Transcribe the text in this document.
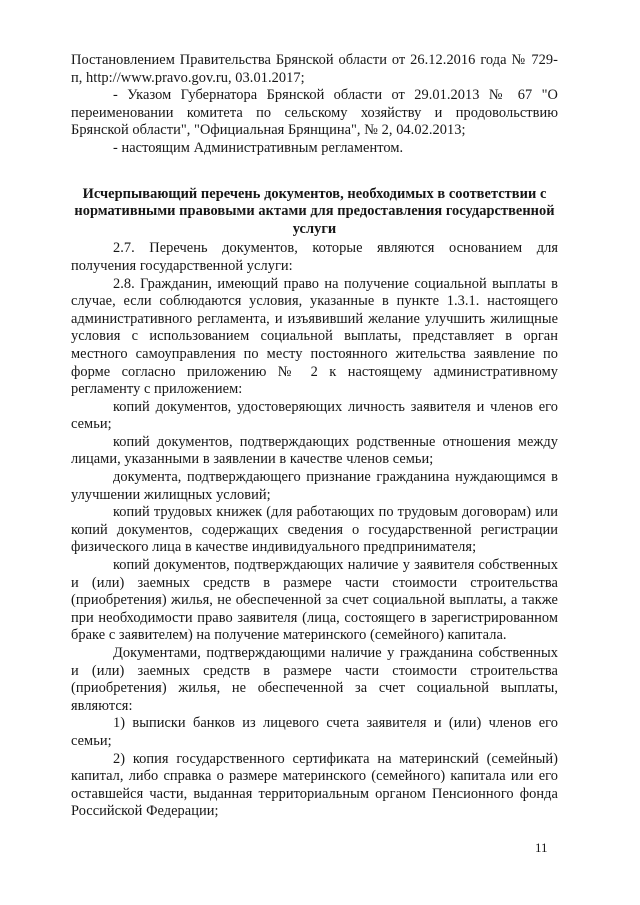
Постановлением Правительства Брянской области от 26.12.2016 года № 729-п, http://www.pravo.gov.ru, 03.01.2017;

- Указом Губернатора Брянской области от 29.01.2013 № 67 "О переименовании комитета по сельскому хозяйству и продовольствию Брянской области", "Официальная Брянщина", № 2, 04.02.2013;

- настоящим Административным регламентом.

Исчерпывающий перечень документов, необходимых в соответствии с нормативными правовыми актами для предоставления государственной услуги

2.7. Перечень документов, которые являются основанием для получения государственной услуги:

2.8. Гражданин, имеющий право на получение социальной выплаты в случае, если соблюдаются условия, указанные в пункте 1.3.1. настоящего административного регламента, и изъявивший желание улучшить жилищные условия с использованием социальной выплаты, представляет в орган местного самоуправления по месту постоянного жительства заявление по форме согласно приложению № 2 к настоящему административному регламенту с приложением:

копий документов, удостоверяющих личность заявителя и членов его семьи;

копий документов, подтверждающих родственные отношения между лицами, указанными в заявлении в качестве членов семьи;

документа, подтверждающего признание гражданина нуждающимся в улучшении жилищных условий;

копий трудовых книжек (для работающих по трудовым договорам) или копий документов, содержащих сведения о государственной регистрации физического лица в качестве индивидуального предпринимателя;

копий документов, подтверждающих наличие у заявителя собственных и (или) заемных средств в размере части стоимости строительства (приобретения) жилья, не обеспеченной за счет социальной выплаты, а также при необходимости право заявителя (лица, состоящего в зарегистрированном браке с заявителем) на получение материнского (семейного) капитала.

Документами, подтверждающими наличие у гражданина собственных и (или) заемных средств в размере части стоимости строительства (приобретения) жилья, не обеспеченной за счет социальной выплаты, являются:

1) выписки банков из лицевого счета заявителя и (или) членов его семьи;

2) копия государственного сертификата на материнский (семейный) капитал, либо справка о размере материнского (семейного) капитала или его оставшейся части, выданная территориальным органом Пенсионного фонда Российской Федерации;

11
